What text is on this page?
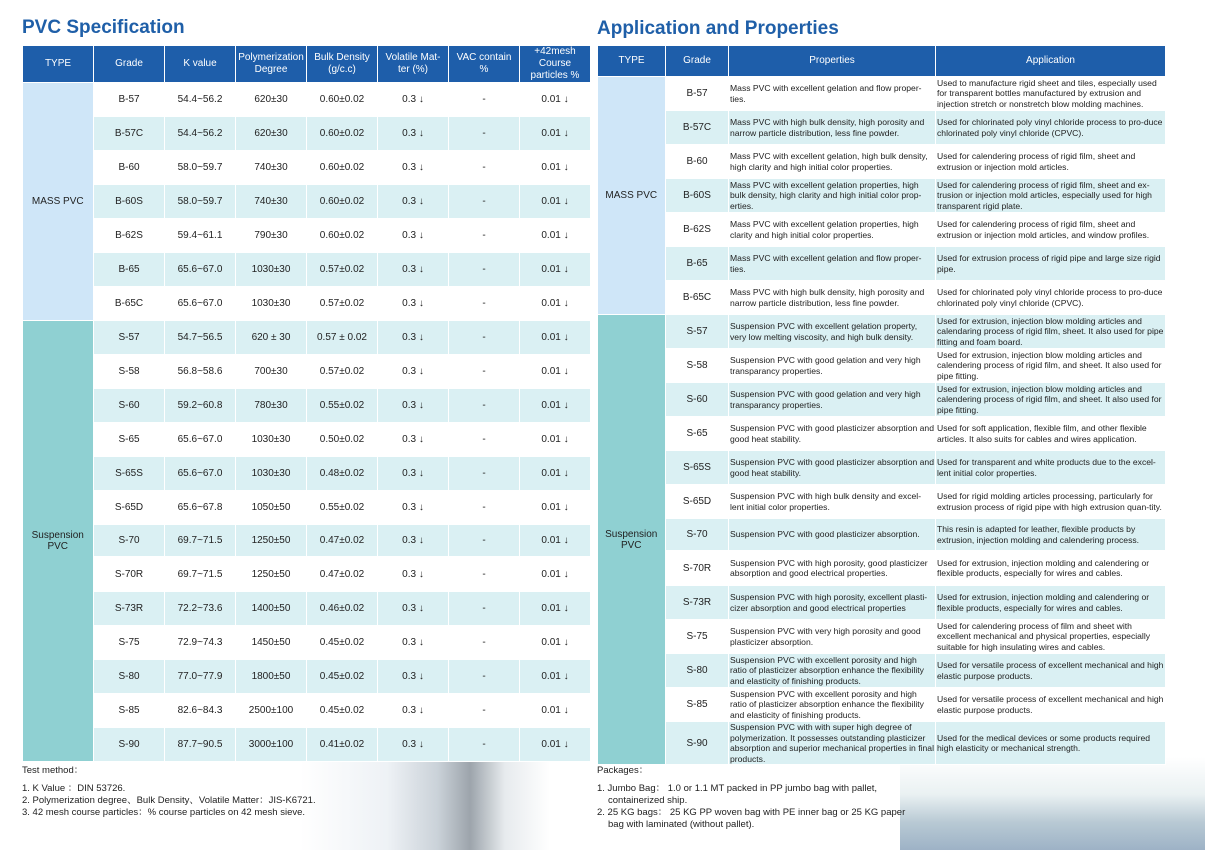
PVC Specification	Application and Properties
TYPE	Grade	K value	Polymerization Degree	Bulk Density (g/c.c)	Volatile Mat-ter (%)	VAC contain %	+42mesh Course particles %
MASS PVC	B-57	54.4~56.2	620±30	0.60±0.02	0.3 ↓	-	0.01 ↓
	B-57C	54.4~56.2	620±30	0.60±0.02	0.3 ↓	-	0.01 ↓
	B-60	58.0~59.7	740±30	0.60±0.02	0.3 ↓	-	0.01 ↓
	B-60S	58.0~59.7	740±30	0.60±0.02	0.3 ↓	-	0.01 ↓
	B-62S	59.4~61.1	790±30	0.60±0.02	0.3 ↓	-	0.01 ↓
	B-65	65.6~67.0	1030±30	0.57±0.02	0.3 ↓	-	0.01 ↓
	B-65C	65.6~67.0	1030±30	0.57±0.02	0.3 ↓	-	0.01 ↓
Suspension PVC	S-57	54.7~56.5	620 ± 30	0.57 ± 0.02	0.3 ↓	-	0.01 ↓
	S-58	56.8~58.6	700±30	0.57±0.02	0.3 ↓	-	0.01 ↓
	S-60	59.2~60.8	780±30	0.55±0.02	0.3 ↓	-	0.01 ↓
	S-65	65.6~67.0	1030±30	0.50±0.02	0.3 ↓	-	0.01 ↓
	S-65S	65.6~67.0	1030±30	0.48±0.02	0.3 ↓	-	0.01 ↓
	S-65D	65.6~67.8	1050±50	0.55±0.02	0.3 ↓	-	0.01 ↓
	S-70	69.7~71.5	1250±50	0.47±0.02	0.3 ↓	-	0.01 ↓
	S-70R	69.7~71.5	1250±50	0.47±0.02	0.3 ↓	-	0.01 ↓
	S-73R	72.2~73.6	1400±50	0.46±0.02	0.3 ↓	-	0.01 ↓
	S-75	72.9~74.3	1450±50	0.45±0.02	0.3 ↓	-	0.01 ↓
	S-80	77.0~77.9	1800±50	0.45±0.02	0.3 ↓	-	0.01 ↓
	S-85	82.6~84.3	2500±100	0.45±0.02	0.3 ↓	-	0.01 ↓
	S-90	87.7~90.5	3000±100	0.41±0.02	0.3 ↓	-	0.01 ↓
TYPE	Grade	Properties	Application
MASS PVC	B-57	Mass PVC with excellent gelation and flow proper-ties.	Used to manufacture rigid sheet and tiles, especially used for transparent bottles manufactured by extrusion and injection stretch or nonstretch blow molding machines.
	B-57C	Mass PVC with high bulk density, high porosity and narrow particle distribution, less fine powder.	Used for chlorinated poly vinyl chloride process to pro-duce chlorinated poly vinyl chloride (CPVC).
	B-60	Mass PVC with excellent gelation, high bulk density, high clarity and high initial color properties.	Used for calendering process of rigid film, sheet and extrusion or injection mold articles.
	B-60S	Mass PVC with excellent gelation properties, high bulk density, high clarity and high initial color prop-erties.	Used for calendering process of rigid film, sheet and ex-trusion or injection mold articles, especially used for high transparent rigid plate.
	B-62S	Mass PVC with excellent gelation properties, high clarity and high initial color properties.	Used for calendering process of rigid film, sheet and extrusion or injection mold articles, and window profiles.
	B-65	Mass PVC with excellent gelation and flow proper-ties.	Used for extrusion process of rigid pipe and large size rigid pipe.
	B-65C	Mass PVC with high bulk density, high porosity and narrow particle distribution, less fine powder.	Used for chlorinated poly vinyl chloride process to pro-duce chlorinated poly vinyl chloride (CPVC).
Suspension PVC	S-57	Suspension PVC with excellent gelation property, very low melting viscosity, and high bulk density.	Used for extrusion, injection blow molding articles and calendaring process of rigid film, sheet. It also used for pipe fitting and foam board.
	S-58	Suspension PVC with good gelation and very high transparancy properties.	Used for extrusion, injection blow molding articles and calendering process of rigid film, and sheet. It also used for pipe fitting.
	S-60	Suspension PVC with good gelation and very high transparancy properties.	Used for extrusion, injection blow molding articles and calendering process of rigid film, and sheet. It also used for pipe fitting.
	S-65	Suspension PVC with good plasticizer absorption and good heat stability.	Used for soft application, flexible film, and other flexible articles. It also suits for cables and wires application.
	S-65S	Suspension PVC with good plasticizer absorption and good heat stability.	Used for transparent and white products due to the excel-lent initial color properties.
	S-65D	Suspension PVC with high bulk density and excel-lent initial color properties.	Used for rigid molding articles processing, particularly for extrusion process of rigid pipe with high extrusion quan-tity.
	S-70	Suspension PVC with good plasticizer absorption.	This resin is adapted for leather, flexible products by extrusion, injection molding and calendering process.
	S-70R	Suspension PVC with high porosity, good plasticizer absorption and good electrical properties.	Used for extrusion, injection molding and calendering or flexible products, especially for wires and cables.
	S-73R	Suspension PVC with high porosity, excellent plasti-cizer absorption and good electrical properties	Used for extrusion, injection molding and calendering or flexible products, especially for wires and cables.
	S-75	Suspension PVC with very high porosity and good plasticizer absorption.	Used for calendering process of film and sheet with excellent mechanical and physical properties, especially suitable for high insulating wires and cables.
	S-80	Suspension PVC with excellent porosity and high ratio of plasticizer absorption enhance the flexibility and elasticity of finishing products.	Used for versatile process of excellent mechanical and high elastic purpose products.
	S-85	Suspension PVC with excellent porosity and high ratio of plasticizer absorption enhance the flexibility and elasticity of finishing products.	Used for versatile process of excellent mechanical and high elastic purpose products.
	S-90	Suspension PVC with with super high degree of polymerization. It possesses outstanding plasticizer absorption and superior mechanical properties in final products.	Used for the medical devices or some products required high elasticity or mechanical strength.
Test method：
1. K Value ：DIN 53726.
2. Polymerization degree、Bulk Density、Volatile Matter：JIS-K6721.
3. 42 mesh course particles：% course particles on 42 mesh sieve.
Packages：
1. Jumbo Bag： 1.0 or 1.1 MT packed in PP jumbo bag with pallet, containerized ship.
2. 25 KG bags： 25 KG PP woven bag with PE inner bag or 25 KG paper bag with laminated (without pallet).
